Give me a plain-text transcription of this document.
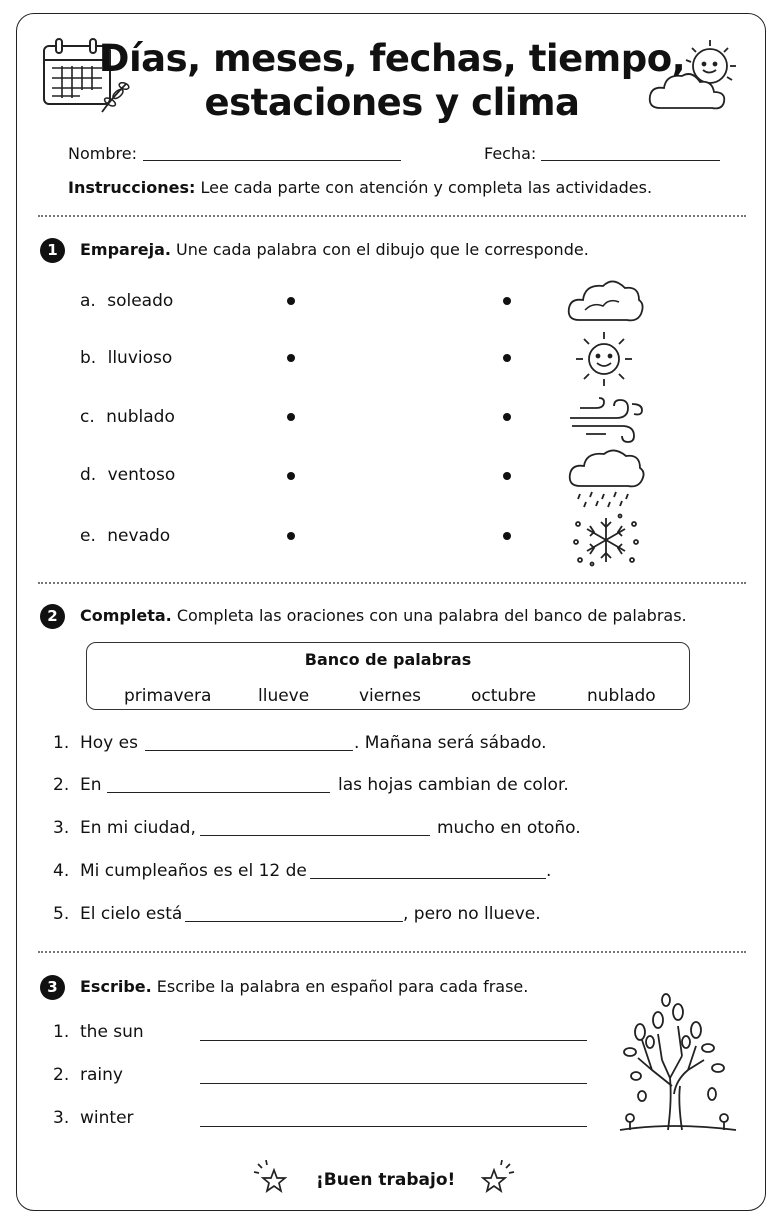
Días, meses, fechas, tiempo,
estaciones y clima
Nombre:	Fecha:
Instrucciones: Lee cada parte con atención y completa las actividades.
1	Empareja. Une cada palabra con el dibujo que le corresponde.
a. soleado
b. lluvioso
c. nublado
d. ventoso
e. nevado
2	Completa. Completa las oraciones con una palabra del banco de palabras.
Banco de palabras
primavera	llueve	viernes	octubre	nublado
1. Hoy es	. Mañana será sábado.
2. En	las hojas cambian de color.
3. En mi ciudad,	mucho en otoño.
4. Mi cumpleaños es el 12 de	.
5. El cielo está	, pero no llueve.
3	Escribe. Escribe la palabra en español para cada frase.
1. the sun
2. rainy
3. winter
¡Buen trabajo!
